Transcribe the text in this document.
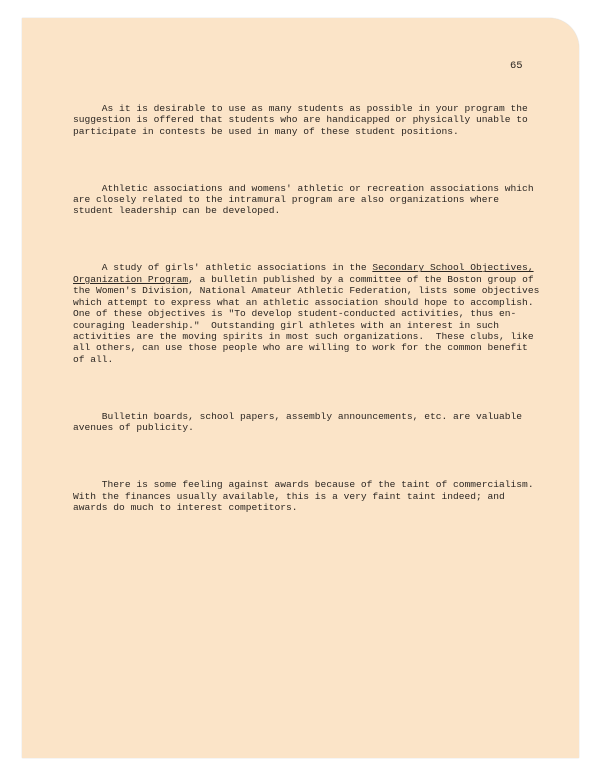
65

As it is desirable to use as many students as possible in your program the
suggestion is offered that students who are handicapped or physically unable to
participate in contests be used in many of these student positions.

Athletic associations and womens' athletic or recreation associations which
are closely related to the intramural program are also organizations where
student leadership can be developed.

A study of girls' athletic associations in the Secondary School Objectives,
Organization Program, a bulletin published by a committee of the Boston group of
the Women's Division, National Amateur Athletic Federation, lists some objectives
which attempt to express what an athletic association should hope to accomplish.
One of these objectives is "To develop student-conducted activities, thus en-
couraging leadership."  Outstanding girl athletes with an interest in such
activities are the moving spirits in most such organizations.  These clubs, like
all others, can use those people who are willing to work for the common benefit
of all.

Bulletin boards, school papers, assembly announcements, etc. are valuable
avenues of publicity.

There is some feeling against awards because of the taint of commercialism.
With the finances usually available, this is a very faint taint indeed; and
awards do much to interest competitors.
